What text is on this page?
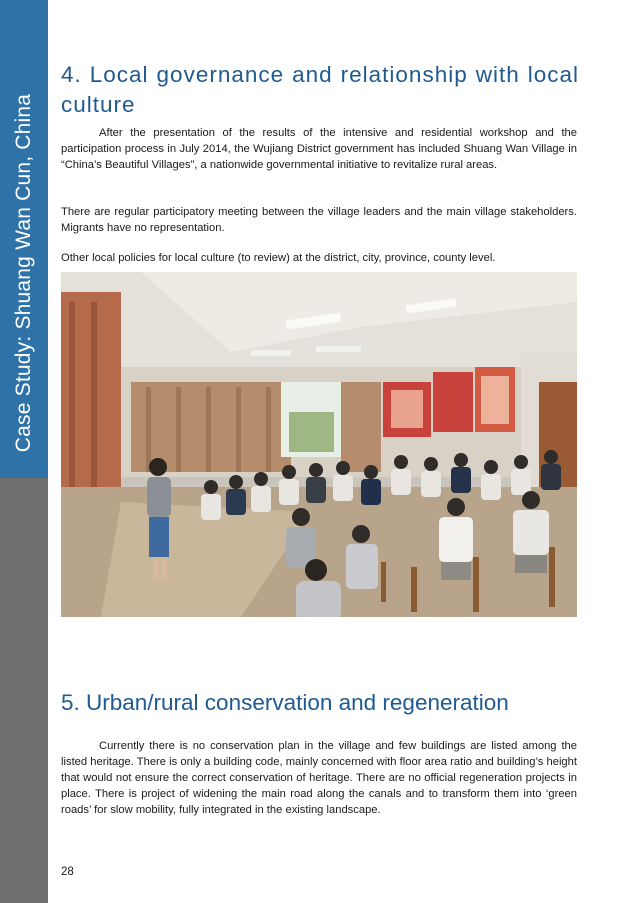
Case Study: Shuang Wan Cun, China
4. Local governance and relationship with local culture

After the presentation of the results of the intensive and residential workshop and the participation process in July 2014, the Wujiang District government has included Shuang Wan Village in “China’s Beautiful Villages”, a nationwide governmental initiative to revitalize rural areas.

There are regular participatory meeting between the village leaders and the main village stakeholders. Migrants have no representation.

Other local policies for local culture (to review) at the district, city, province, county level.

5. Urban/rural conservation and regeneration

Currently there is no conservation plan in the village and few buildings are listed among the listed heritage. There is only a building code, mainly concerned with floor area ratio and building’s height that would not ensure the correct conservation of heritage. There are no official regeneration projects in place. There is project of widening the main road along the canals and to transform them into ‘green roads’ for slow mobility, fully integrated in the existing landscape.

28
